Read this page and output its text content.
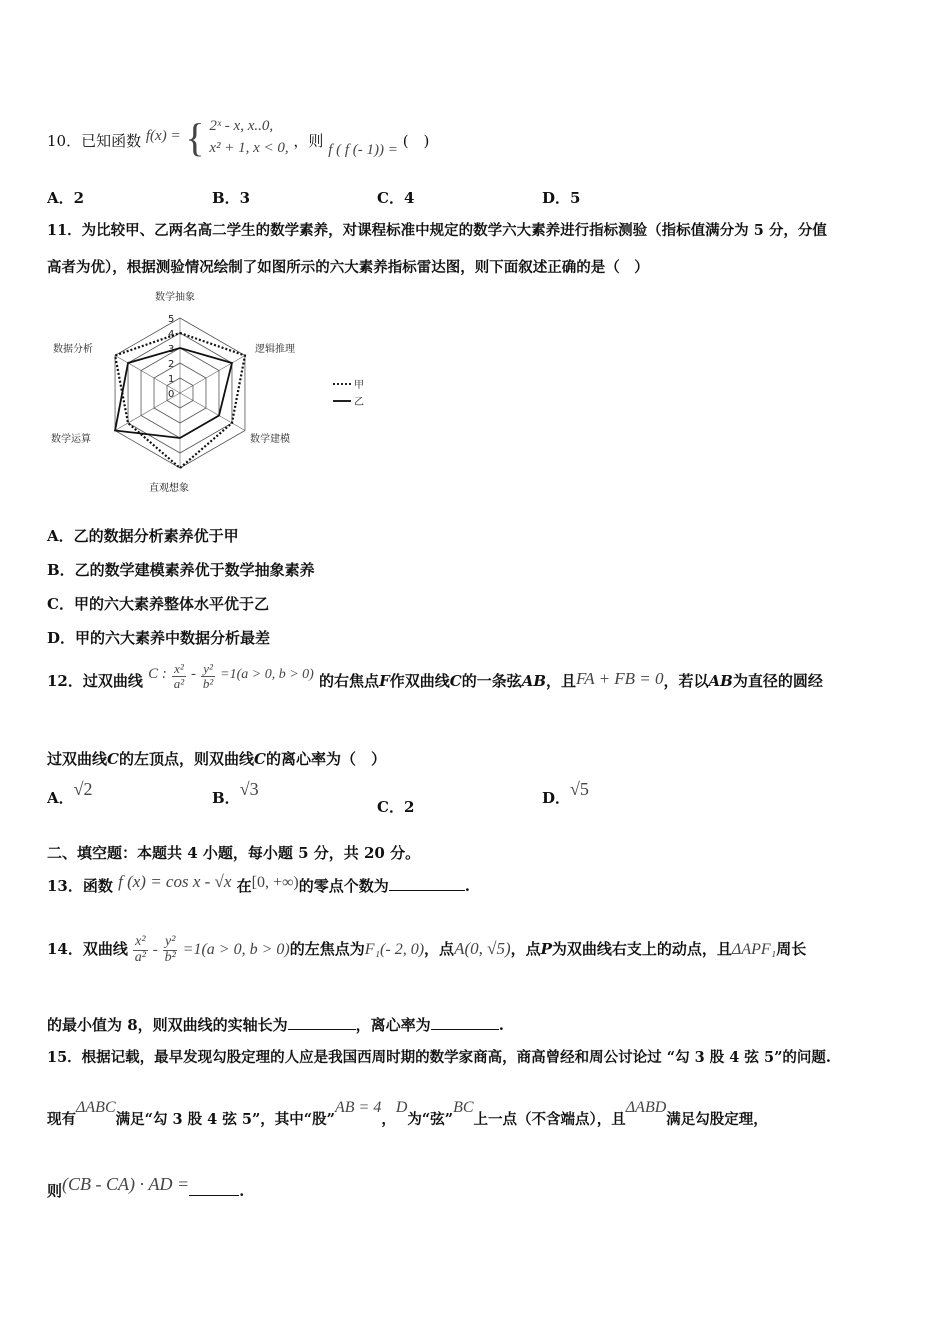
10．已知函数 f(x) = { 2ˣ - x, x..0,
x² + 1, x < 0, ，则 f ( f (- 1)) = (　)
A．2	B．3	C．4	D．5
11．为比较甲、乙两名高二学生的数学素养，对课程标准中规定的数学六大素养进行指标测验（指标值满分为 5 分，分值
高者为优），根据测验情况绘制了如图所示的六大素养指标雷达图，则下面叙述正确的是（　）
0
1
2
3
4
5
数学抽象
逻辑推理
数学建模
直观想象
数学运算
数据分析
甲
乙
A．乙的数据分析素养优于甲
B．乙的数学建模素养优于数学抽象素养
C．甲的六大素养整体水平优于乙
D．甲的六大素养中数据分析最差
12．过双曲线 C : $\frac{\text{x²}}{\text{a²}} - \frac{\text{y²}}{\text{b²}} =1(a > 0$, b > 0) 的右焦点F作双曲线C的一条弦AB，且FA + FB = 0，若以AB为直径的圆经
过双曲线C的左顶点，则双曲线C的离心率为（　）
A．√2	B．√3
C．2	D．√5
二、填空题：本题共 4 小题，每小题 5 分，共 20 分。
13．函数 f (x) = cos x - √x 在[0, +∞)的零点个数为	.
14．双曲线 $\frac{\text{x²}}{\text{a²}} - \frac{\text{y²}}{\text{b²}} =1(a > 0$, b > 0)的左焦点为F₁(- 2, 0)，点A(0, √5)，点P为双曲线右支上的动点，且ΔAPF₁周长
的最小值为 8，则双曲线的实轴长为	，离心率为	.
15．根据记载，最早发现勾股定理的人应是我国西周时期的数学家商高，商高曾经和周公讨论过 “勾 3 股 4 弦 5”的问题.
现有ΔABC满足“勾 3 股 4 弦 5”，其中“股”AB = 4，D为“弦”BC上一点（不含端点），且ΔABD满足勾股定理，
则(CB - CA) · AD =	.
